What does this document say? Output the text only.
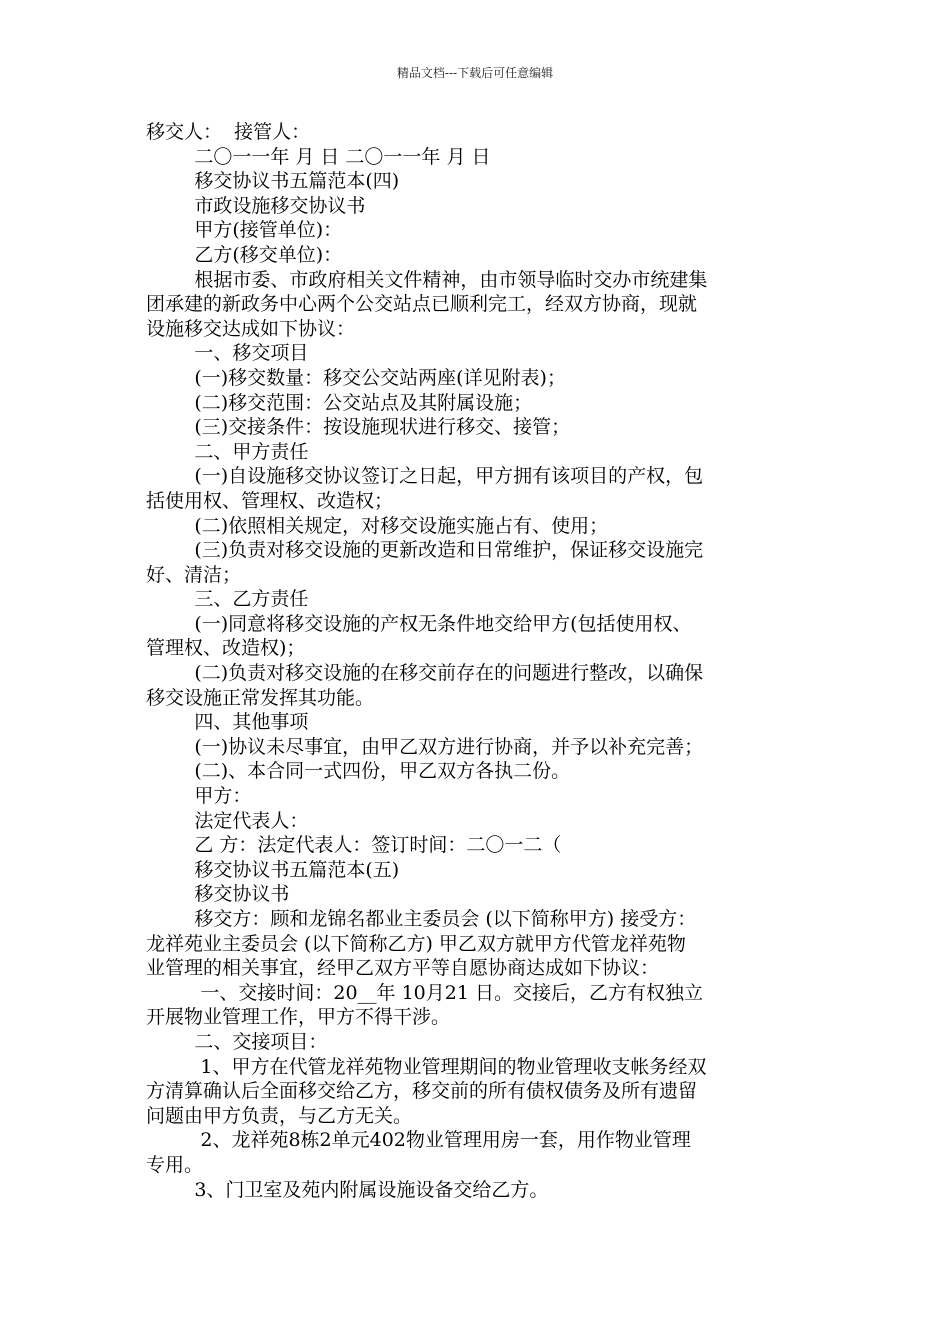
精品文档---下载后可任意编辑
移交人：  接管人：
二〇一一年 月 日 二〇一一年 月 日
移交协议书五篇范本(四)
市政设施移交协议书
甲方(接管单位)：
乙方(移交单位)：
根据市委、市政府相关文件精神，由市领导临时交办市统建集
团承建的新政务中心两个公交站点已顺利完工，经双方协商，现就
设施移交达成如下协议：
一、移交项目
(一)移交数量：移交公交站两座(详见附表)；
(二)移交范围：公交站点及其附属设施；
(三)交接条件：按设施现状进行移交、接管；
二、甲方责任
(一)自设施移交协议签订之日起，甲方拥有该项目的产权，包
括使用权、管理权、改造权；
(二)依照相关规定，对移交设施实施占有、使用；
(三)负责对移交设施的更新改造和日常维护，保证移交设施完
好、清洁；
三、乙方责任
(一)同意将移交设施的产权无条件地交给甲方(包括使用权、
管理权、改造权)；
(二)负责对移交设施的在移交前存在的问题进行整改，以确保
移交设施正常发挥其功能。
四、其他事项
(一)协议未尽事宜，由甲乙双方进行协商，并予以补充完善；
(二)、本合同一式四份，甲乙双方各执二份。
甲方：
法定代表人：
乙 方：法定代表人：签订时间：二〇一二（
移交协议书五篇范本(五)
移交协议书
移交方：顾和龙锦名都业主委员会 (以下简称甲方) 接受方：
龙祥苑业主委员会 (以下简称乙方) 甲乙双方就甲方代管龙祥苑物
业管理的相关事宜，经甲乙双方平等自愿协商达成如下协议：
一、交接时间：20__年 10月21 日。交接后，乙方有权独立
开展物业管理工作，甲方不得干涉。
二、交接项目：
1、甲方在代管龙祥苑物业管理期间的物业管理收支帐务经双
方清算确认后全面移交给乙方，移交前的所有债权债务及所有遗留
问题由甲方负责，与乙方无关。
2、龙祥苑8栋2单元402物业管理用房一套，用作物业管理
专用。
3、门卫室及苑内附属设施设备交给乙方。
